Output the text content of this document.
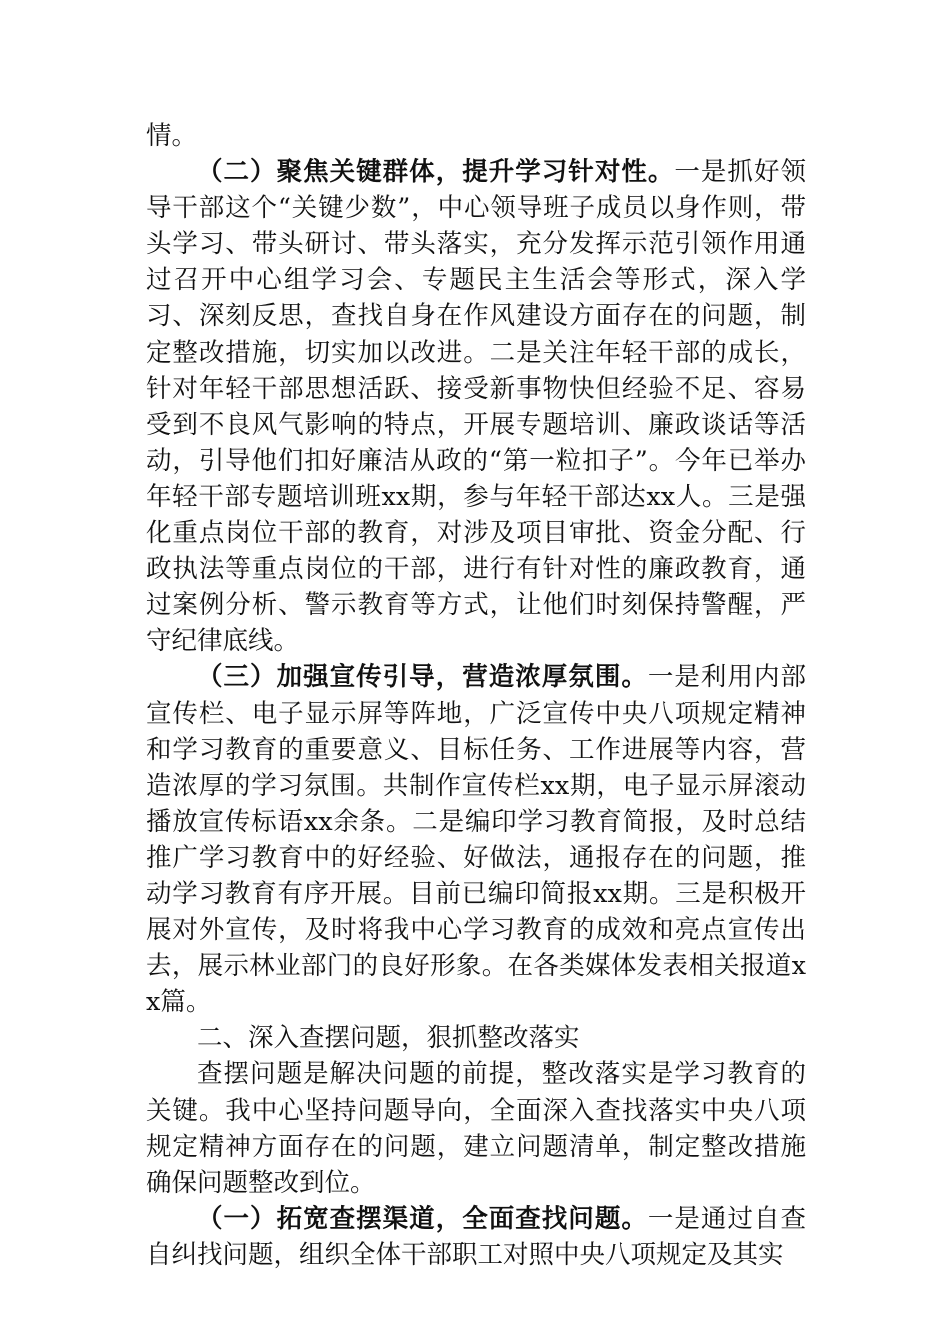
情。

（二）聚焦关键群体，提升学习针对性。一是抓好领导干部这个“关键少数”，中心领导班子成员以身作则，带头学习、带头研讨、带头落实，充分发挥示范引领作用通过召开中心组学习会、专题民主生活会等形式，深入学习、深刻反思，查找自身在作风建设方面存在的问题，制定整改措施，切实加以改进。二是关注年轻干部的成长，针对年轻干部思想活跃、接受新事物快但经验不足、容易受到不良风气影响的特点，开展专题培训、廉政谈话等活动，引导他们扣好廉洁从政的“第一粒扣子”。今年已举办年轻干部专题培训班xx期，参与年轻干部达xx人。三是强化重点岗位干部的教育，对涉及项目审批、资金分配、行政执法等重点岗位的干部，进行有针对性的廉政教育，通过案例分析、警示教育等方式，让他们时刻保持警醒，严守纪律底线。

（三）加强宣传引导，营造浓厚氛围。一是利用内部宣传栏、电子显示屏等阵地，广泛宣传中央八项规定精神和学习教育的重要意义、目标任务、工作进展等内容，营造浓厚的学习氛围。共制作宣传栏xx期，电子显示屏滚动播放宣传标语xx余条。二是编印学习教育简报，及时总结推广学习教育中的好经验、好做法，通报存在的问题，推动学习教育有序开展。目前已编印简报xx期。三是积极开展对外宣传，及时将我中心学习教育的成效和亮点宣传出去，展示林业部门的良好形象。在各类媒体发表相关报道xx篇。

二、深入查摆问题，狠抓整改落实

查摆问题是解决问题的前提，整改落实是学习教育的关键。我中心坚持问题导向，全面深入查找落实中央八项规定精神方面存在的问题，建立问题清单，制定整改措施确保问题整改到位。

（一）拓宽查摆渠道，全面查找问题。一是通过自查自纠找问题，组织全体干部职工对照中央八项规定及其实
